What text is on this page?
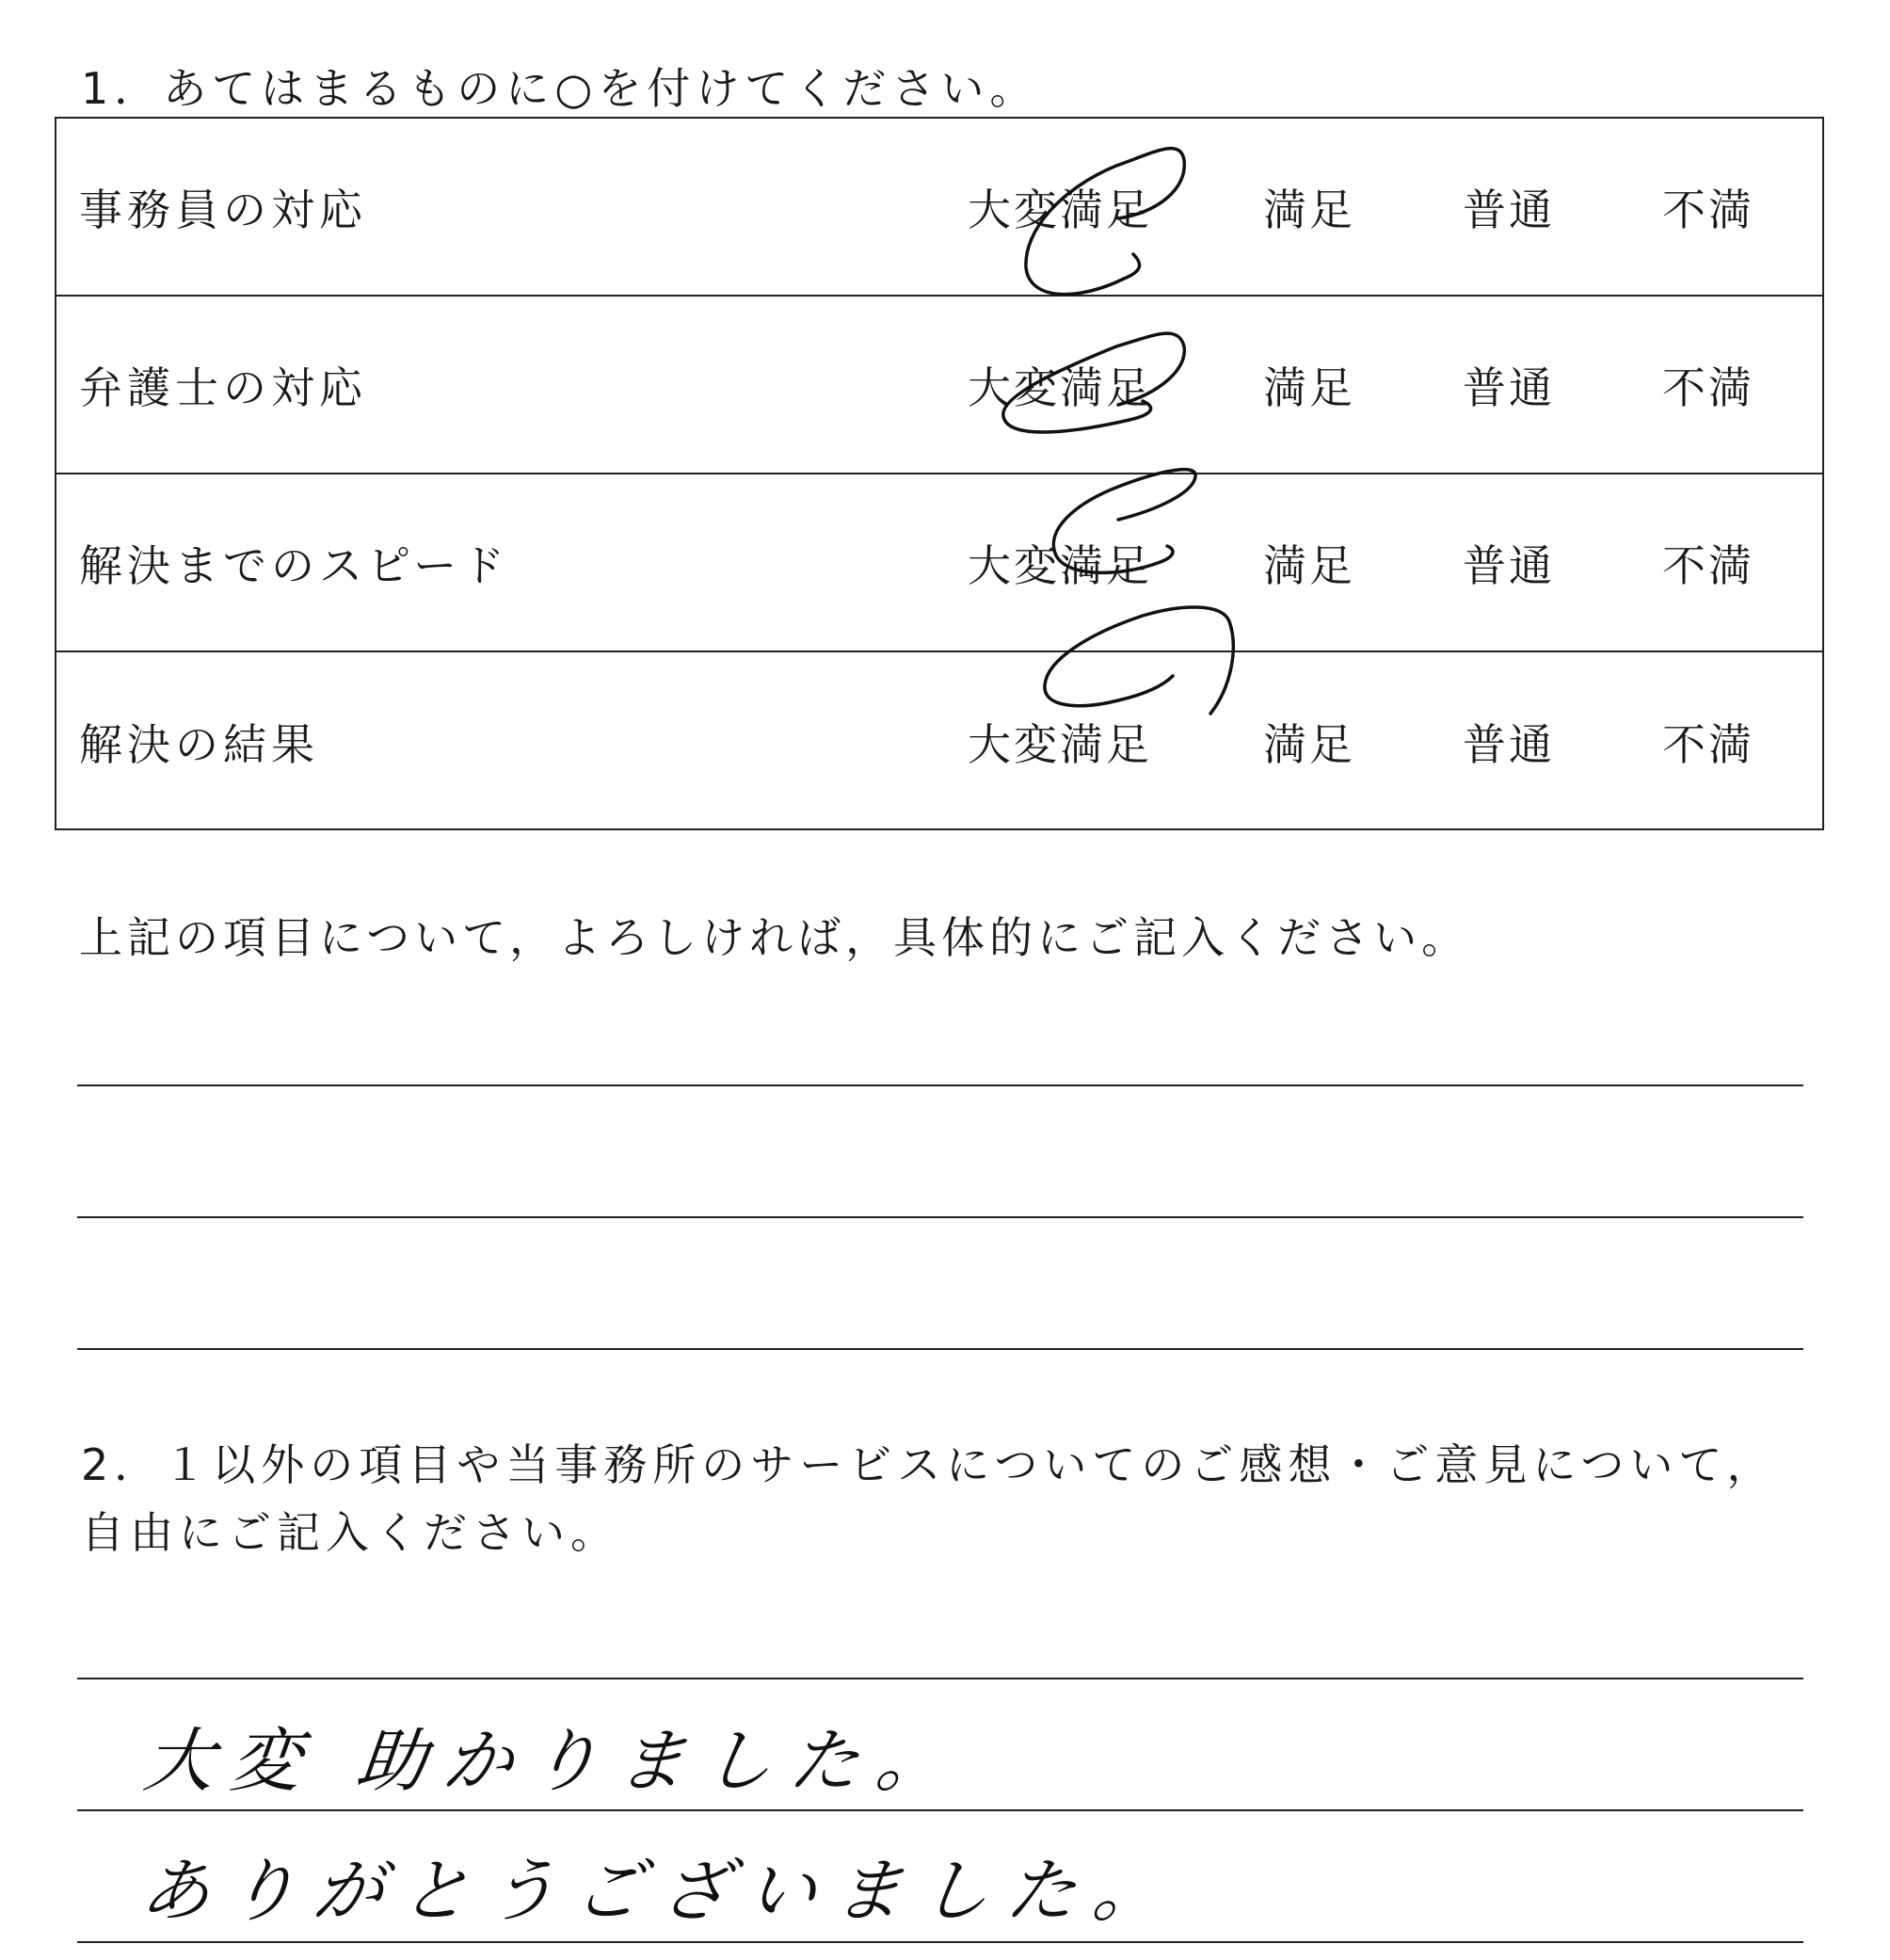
1．あてはまるものに○を付けてください。
事務員の対応	大変満足	満足 普通 不満
弁護士の対応	大変満足	満足 普通 不満
解決までのスピード	大変満足	満足 普通 不満
解決の結果	大変満足	満足 普通 不満
上記の項目について，よろしければ，具体的にご記入ください。
2．１以外の項目や当事務所のサービスについてのご感想・ご意見について，
自由にご記入ください。
大変 助かりました。
ありがとうございました。
